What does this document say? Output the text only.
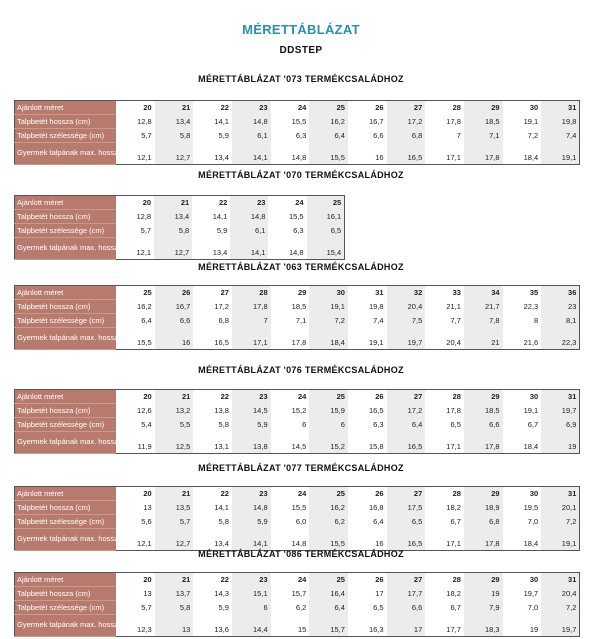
MÉRETTÁBLÁZAT
DDSTEP
MÉRETTÁBLÁZAT '073 TERMÉKCSALÁDHOZ
Ajánlott méret	20	21	22	23	24	25	26	27	28	29	30	31
Talpbetét hossza (cm)	12,8	13,4	14,1	14,8	15,5	16,2	16,7	17,2	17,8	18,5	19,1	19,8
Talpbetét szélessége (cm)	5,7	5,8	5,9	6,1	6,3	6,4	6,6	6,8	7	7,1	7,2	7,4
Gyermek talpának max. hossza (cm)	12,1	12,7	13,4	14,1	14,8	15,5	16	16,5	17,1	17,8	18,4	19,1
MÉRETTÁBLÁZAT '070 TERMÉKCSALÁDHOZ
Ajánlott méret	20	21	22	23	24	25
Talpbetét hossza (cm)	12,8	13,4	14,1	14,8	15,5	16,1
Talpbetét szélessége (cm)	5,7	5,8	5,9	6,1	6,3	6,5
Gyermek talpának max. hossza (cm)	12,1	12,7	13,4	14,1	14,8	15,4
MÉRETTÁBLÁZAT '063 TERMÉKCSALÁDHOZ
Ajánlott méret	25	26	27	28	29	30	31	32	33	34	35	36
Talpbetét hossza (cm)	16,2	16,7	17,2	17,8	18,5	19,1	19,8	20,4	21,1	21,7	22,3	23
Talpbetét szélessége (cm)	6,4	6,6	6,8	7	7,1	7,2	7,4	7,5	7,7	7,8	8	8,1
Gyermek talpának max. hossza (cm)	15,5	16	16,5	17,1	17,8	18,4	19,1	19,7	20,4	21	21,6	22,3
MÉRETTÁBLÁZAT '076 TERMÉKCSALÁDHOZ
Ajánlott méret	20	21	22	23	24	25	26	27	28	29	30	31
Talpbetét hossza (cm)	12,6	13,2	13,8	14,5	15,2	15,9	16,5	17,2	17,8	18,5	19,1	19,7
Talpbetét szélessége (cm)	5,4	5,5	5,8	5,9	6	6	6,3	6,4	6,5	6,6	6,7	6,9
Gyermek talpának max. hossza (cm)	11,9	12,5	13,1	13,8	14,5	15,2	15,8	16,5	17,1	17,8	18,4	19
MÉRETTÁBLÁZAT '077 TERMÉKCSALÁDHOZ
Ajánlott méret	20	21	22	23	24	25	26	27	28	29	30	31
Talpbetét hossza (cm)	13	13,5	14,1	14,8	15,5	16,2	16,8	17,5	18,2	18,9	19,5	20,1
Talpbetét szélessége (cm)	5,6	5,7	5,8	5,9	6,0	6,2	6,4	6,5	6,7	6,8	7,0	7,2
Gyermek talpának max. hossza (cm)	12,1	12,7	13,4	14,1	14,8	15,5	16	16,5	17,1	17,8	18,4	19,1
MÉRETTÁBLÁZAT '086 TERMÉKCSALÁDHOZ
Ajánlott méret	20	21	22	23	24	25	26	27	28	29	30	31
Talpbetét hossza (cm)	13	13,7	14,3	15,1	15,7	16,4	17	17,7	18,2	19	19,7	20,4
Talpbetét szélessége (cm)	5,7	5,8	5,9	6	6,2	6,4	6,5	6,6	6,7	7,9	7,0	7,2
Gyermek talpának max. hossza (cm)	12,3	13	13,6	14,4	15	15,7	16,3	17	17,7	18,3	19	19,7
